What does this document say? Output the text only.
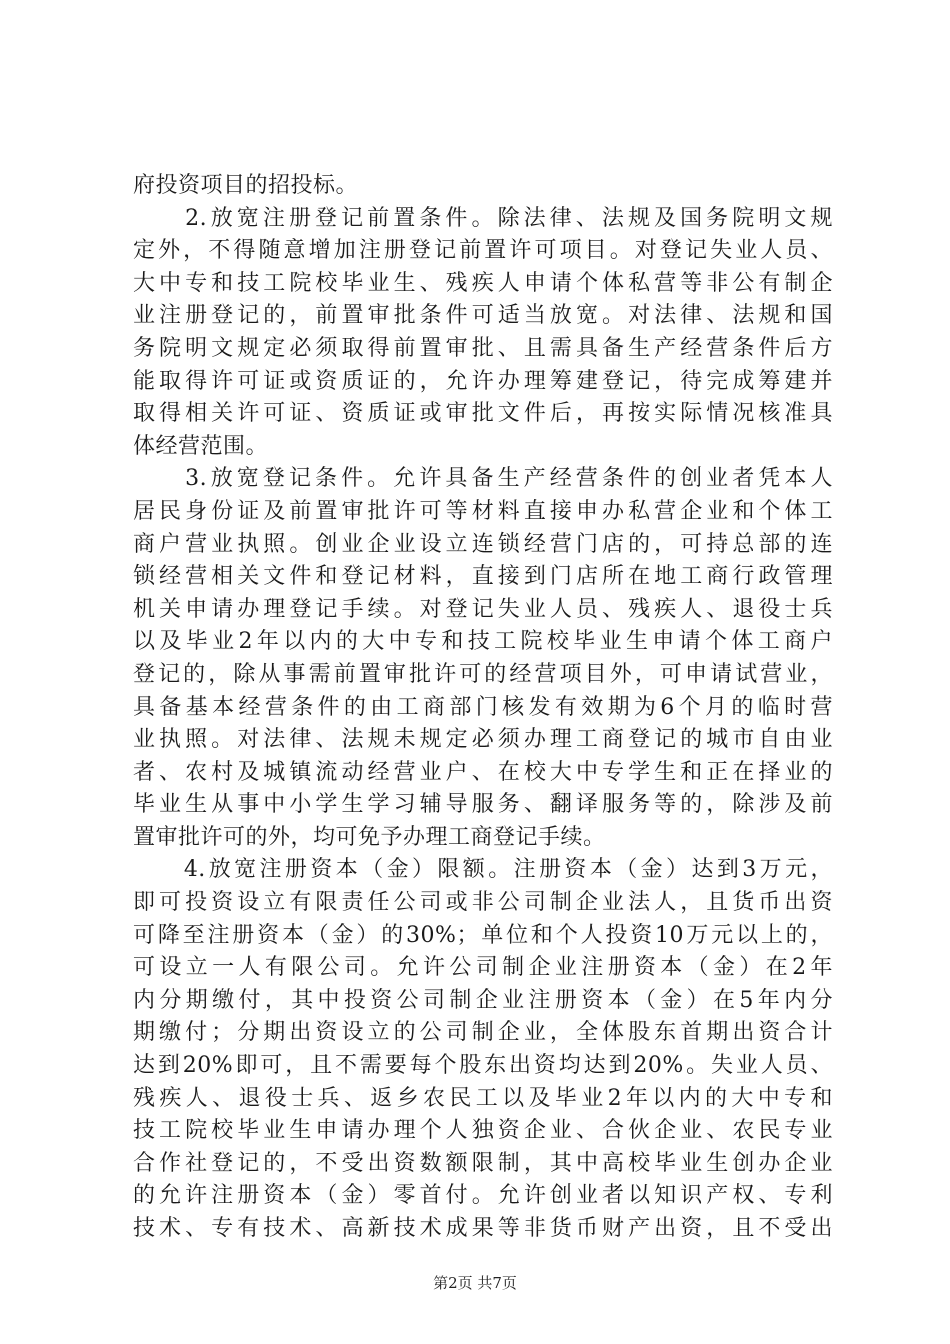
府投资项目的招投标。
　　2.放宽注册登记前置条件。除法律、法规及国务院明文规
定外，不得随意增加注册登记前置许可项目。对登记失业人员、
大中专和技工院校毕业生、残疾人申请个体私营等非公有制企
业注册登记的，前置审批条件可适当放宽。对法律、法规和国
务院明文规定必须取得前置审批、且需具备生产经营条件后方
能取得许可证或资质证的，允许办理筹建登记，待完成筹建并
取得相关许可证、资质证或审批文件后，再按实际情况核准具
体经营范围。
　　3.放宽登记条件。允许具备生产经营条件的创业者凭本人
居民身份证及前置审批许可等材料直接申办私营企业和个体工
商户营业执照。创业企业设立连锁经营门店的，可持总部的连
锁经营相关文件和登记材料，直接到门店所在地工商行政管理
机关申请办理登记手续。对登记失业人员、残疾人、退役士兵
以及毕业2年以内的大中专和技工院校毕业生申请个体工商户
登记的，除从事需前置审批许可的经营项目外，可申请试营业，
具备基本经营条件的由工商部门核发有效期为6个月的临时营
业执照。对法律、法规未规定必须办理工商登记的城市自由业
者、农村及城镇流动经营业户、在校大中专学生和正在择业的
毕业生从事中小学生学习辅导服务、翻译服务等的，除涉及前
置审批许可的外，均可免予办理工商登记手续。
　　4.放宽注册资本（金）限额。注册资本（金）达到3万元，
即可投资设立有限责任公司或非公司制企业法人，且货币出资
可降至注册资本（金）的30%；单位和个人投资10万元以上的，
可设立一人有限公司。允许公司制企业注册资本（金）在2年
内分期缴付，其中投资公司制企业注册资本（金）在5年内分
期缴付；分期出资设立的公司制企业，全体股东首期出资合计
达到20%即可，且不需要每个股东出资均达到20%。失业人员、
残疾人、退役士兵、返乡农民工以及毕业2年以内的大中专和
技工院校毕业生申请办理个人独资企业、合伙企业、农民专业
合作社登记的，不受出资数额限制，其中高校毕业生创办企业
的允许注册资本（金）零首付。允许创业者以知识产权、专利
技术、专有技术、高新技术成果等非货币财产出资，且不受出
第2页 共7页
